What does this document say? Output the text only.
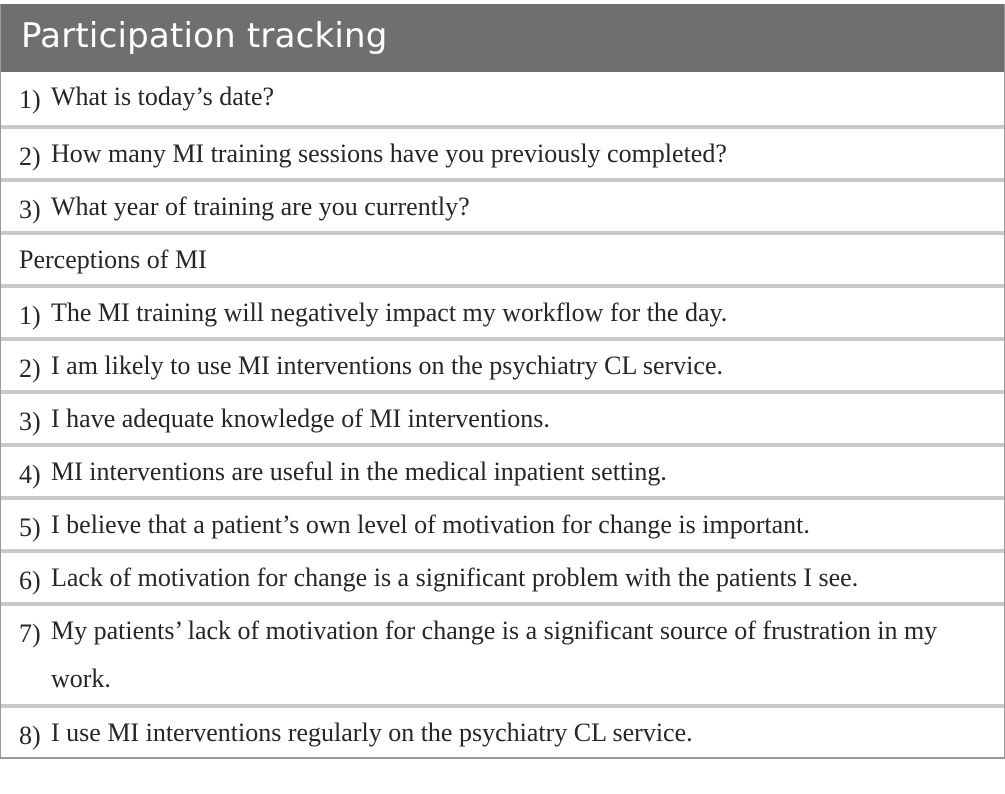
Participation tracking
1) What is today’s date?
2) How many MI training sessions have you previously completed?
3) What year of training are you currently?
Perceptions of MI
1) The MI training will negatively impact my workflow for the day.
2) I am likely to use MI interventions on the psychiatry CL service.
3) I have adequate knowledge of MI interventions.
4) MI interventions are useful in the medical inpatient setting.
5) I believe that a patient’s own level of motivation for change is important.
6) Lack of motivation for change is a significant problem with the patients I see.
7) My patients’ lack of motivation for change is a significant source of frustration in my work.
8) I use MI interventions regularly on the psychiatry CL service.
